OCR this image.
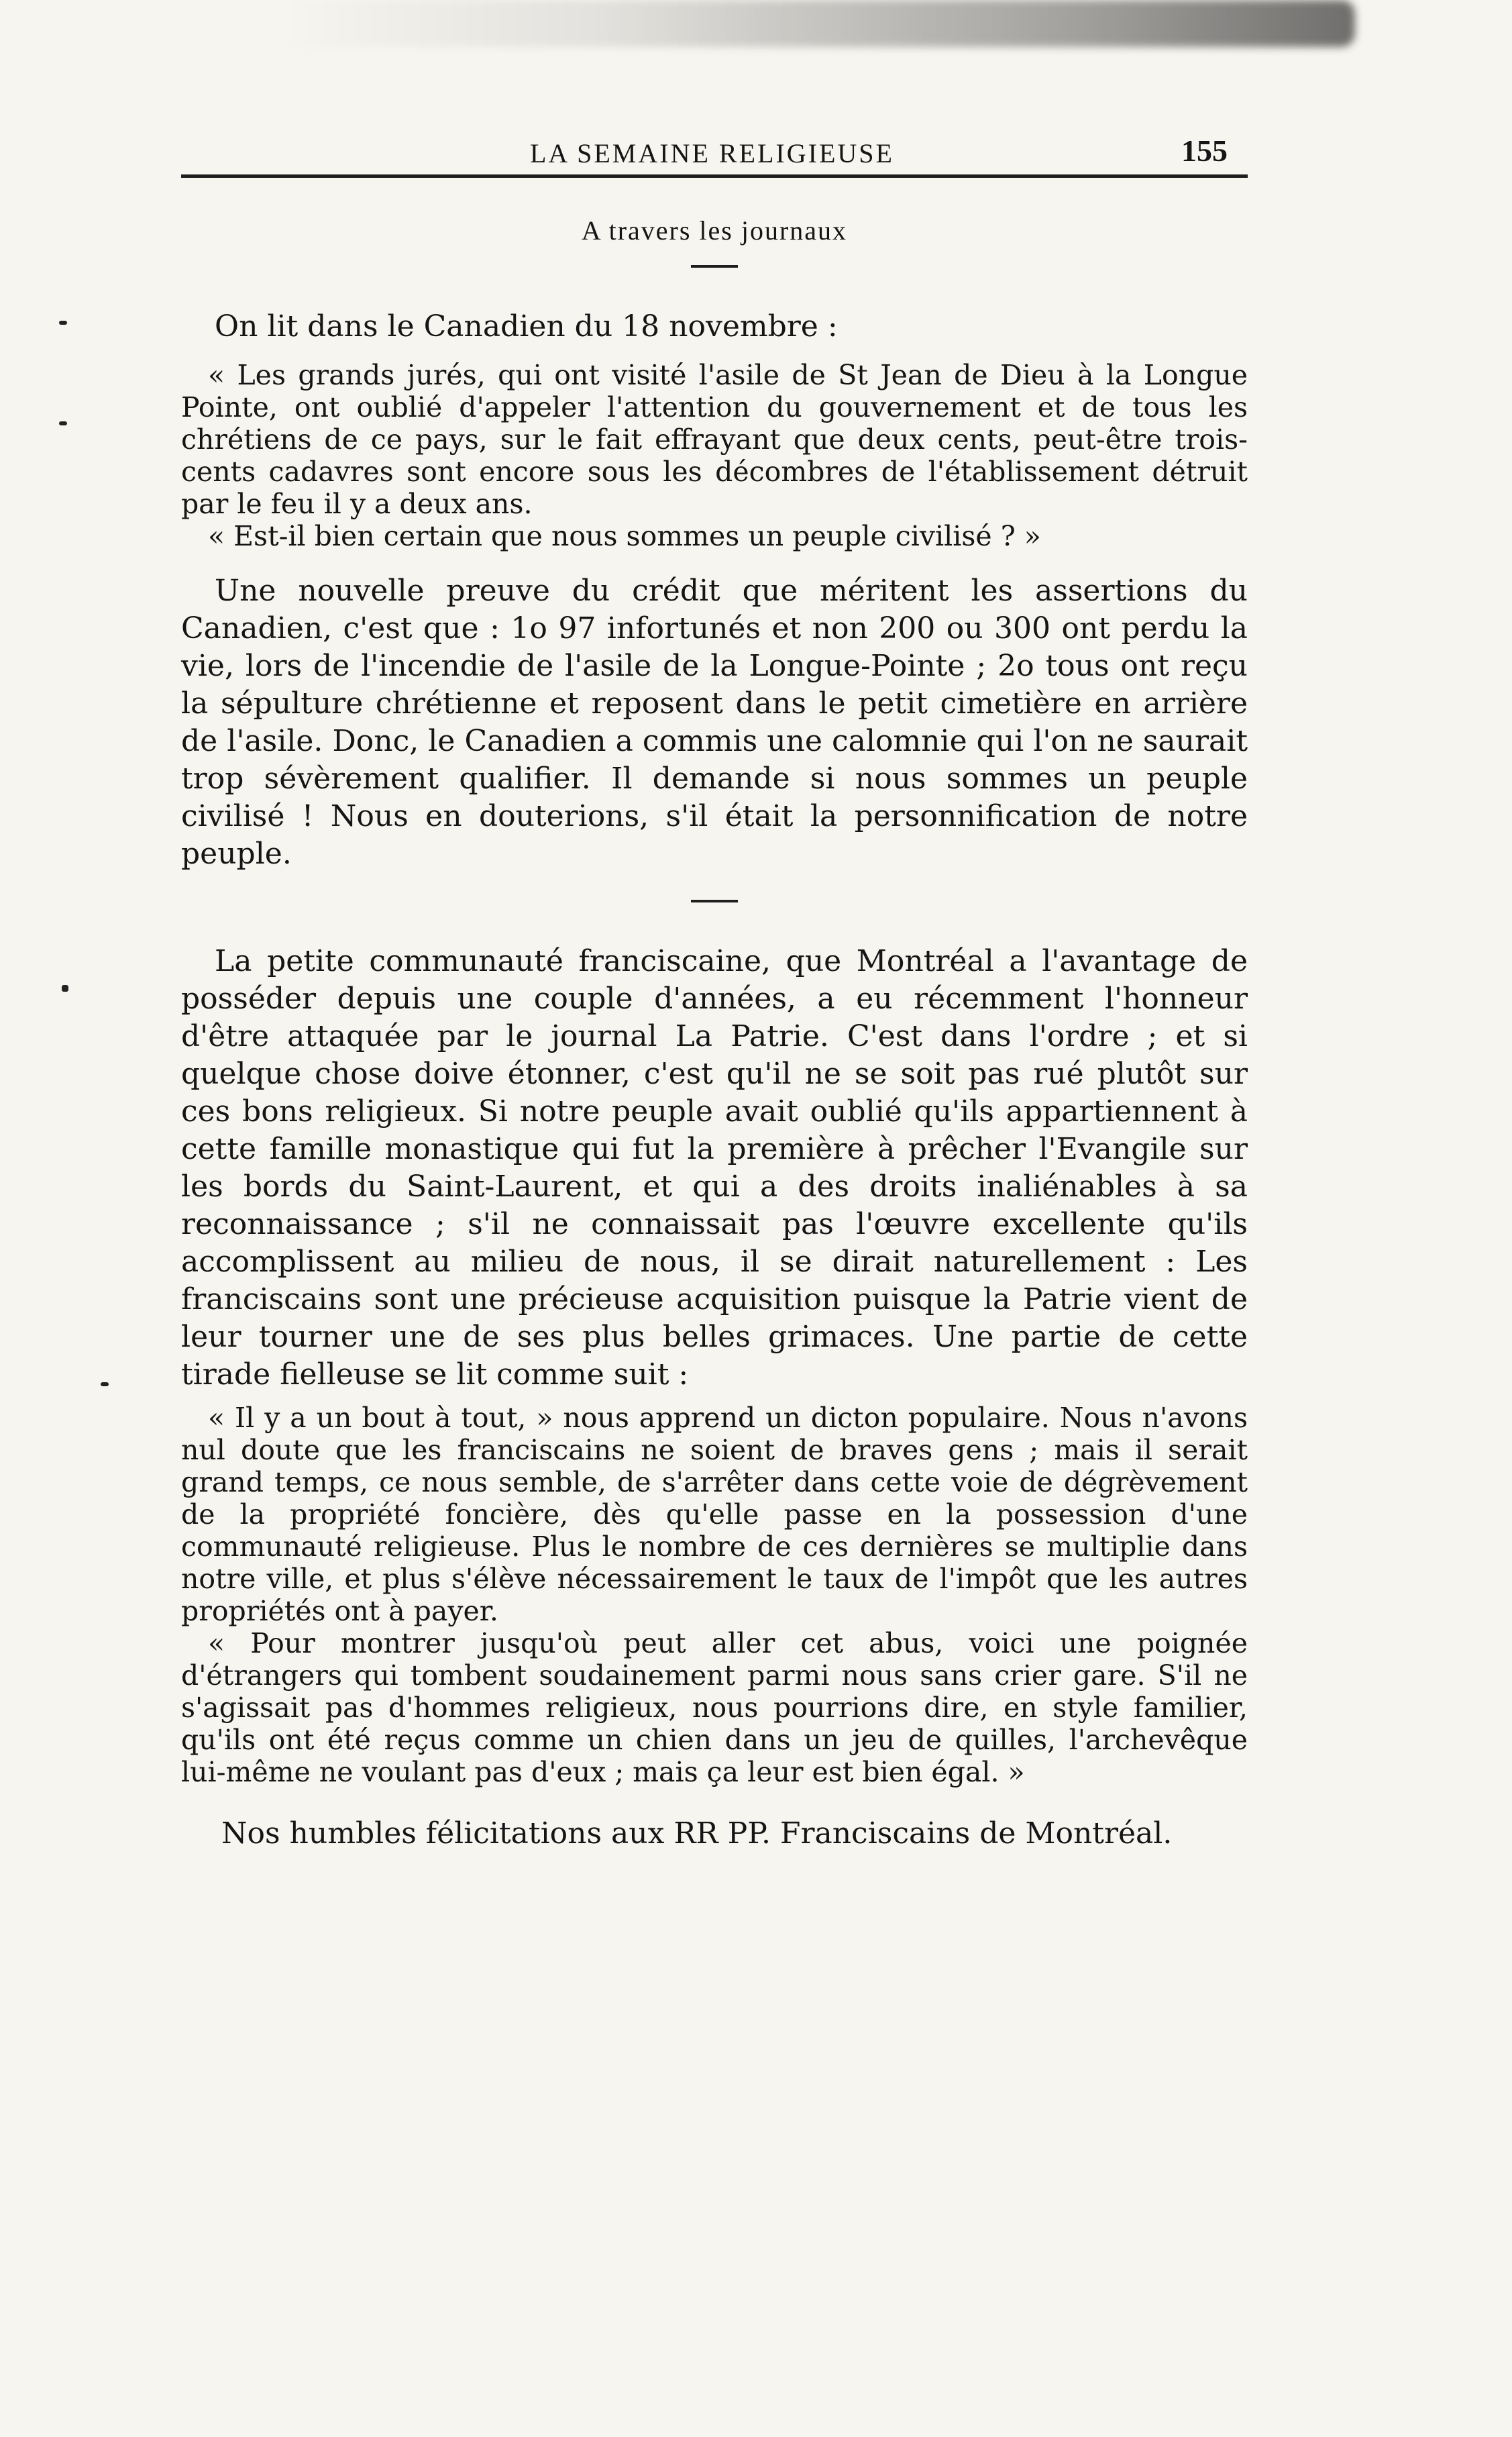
LA SEMAINE RELIGIEUSE	155
A travers les journaux

On lit dans le Canadien du 18 novembre :

« Les grands jurés, qui ont visité l'asile de St Jean de Dieu à la Longue Pointe, ont oublié d'appeler l'attention du gouvernement et de tous les chrétiens de ce pays, sur le fait effrayant que deux cents, peut-être trois-cents cadavres sont encore sous les décombres de l'établissement détruit par le feu il y a deux ans.

« Est-il bien certain que nous sommes un peuple civilisé ? »

Une nouvelle preuve du crédit que méritent les assertions du Canadien, c'est que : 1o 97 infortunés et non 200 ou 300 ont perdu la vie, lors de l'incendie de l'asile de la Longue-Pointe ; 2o tous ont reçu la sépulture chrétienne et reposent dans le petit cimetière en arrière de l'asile. Donc, le Canadien a commis une calomnie qui l'on ne saurait trop sévèrement qualifier. Il demande si nous sommes un peuple civilisé ! Nous en douterions, s'il était la personnification de notre peuple.

La petite communauté franciscaine, que Montréal a l'avantage de posséder depuis une couple d'années, a eu récemment l'honneur d'être attaquée par le journal La Patrie. C'est dans l'ordre ; et si quelque chose doive étonner, c'est qu'il ne se soit pas rué plutôt sur ces bons religieux. Si notre peuple avait oublié qu'ils appartiennent à cette famille monastique qui fut la première à prêcher l'Evangile sur les bords du Saint-Laurent, et qui a des droits inaliénables à sa reconnaissance ; s'il ne connaissait pas l'œuvre excellente qu'ils accomplissent au milieu de nous, il se dirait naturellement : Les franciscains sont une précieuse acquisition puisque la Patrie vient de leur tourner une de ses plus belles grimaces. Une partie de cette tirade fielleuse se lit comme suit :

« Il y a un bout à tout, » nous apprend un dicton populaire. Nous n'avons nul doute que les franciscains ne soient de braves gens ; mais il serait grand temps, ce nous semble, de s'arrêter dans cette voie de dégrèvement de la propriété foncière, dès qu'elle passe en la possession d'une communauté religieuse. Plus le nombre de ces dernières se multiplie dans notre ville, et plus s'élève nécessairement le taux de l'impôt que les autres propriétés ont à payer.

« Pour montrer jusqu'où peut aller cet abus, voici une poignée d'étrangers qui tombent soudainement parmi nous sans crier gare. S'il ne s'agissait pas d'hommes religieux, nous pourrions dire, en style familier, qu'ils ont été reçus comme un chien dans un jeu de quilles, l'archevêque lui-même ne voulant pas d'eux ; mais ça leur est bien égal. »

Nos humbles félicitations aux RR PP. Franciscains de Montréal.
